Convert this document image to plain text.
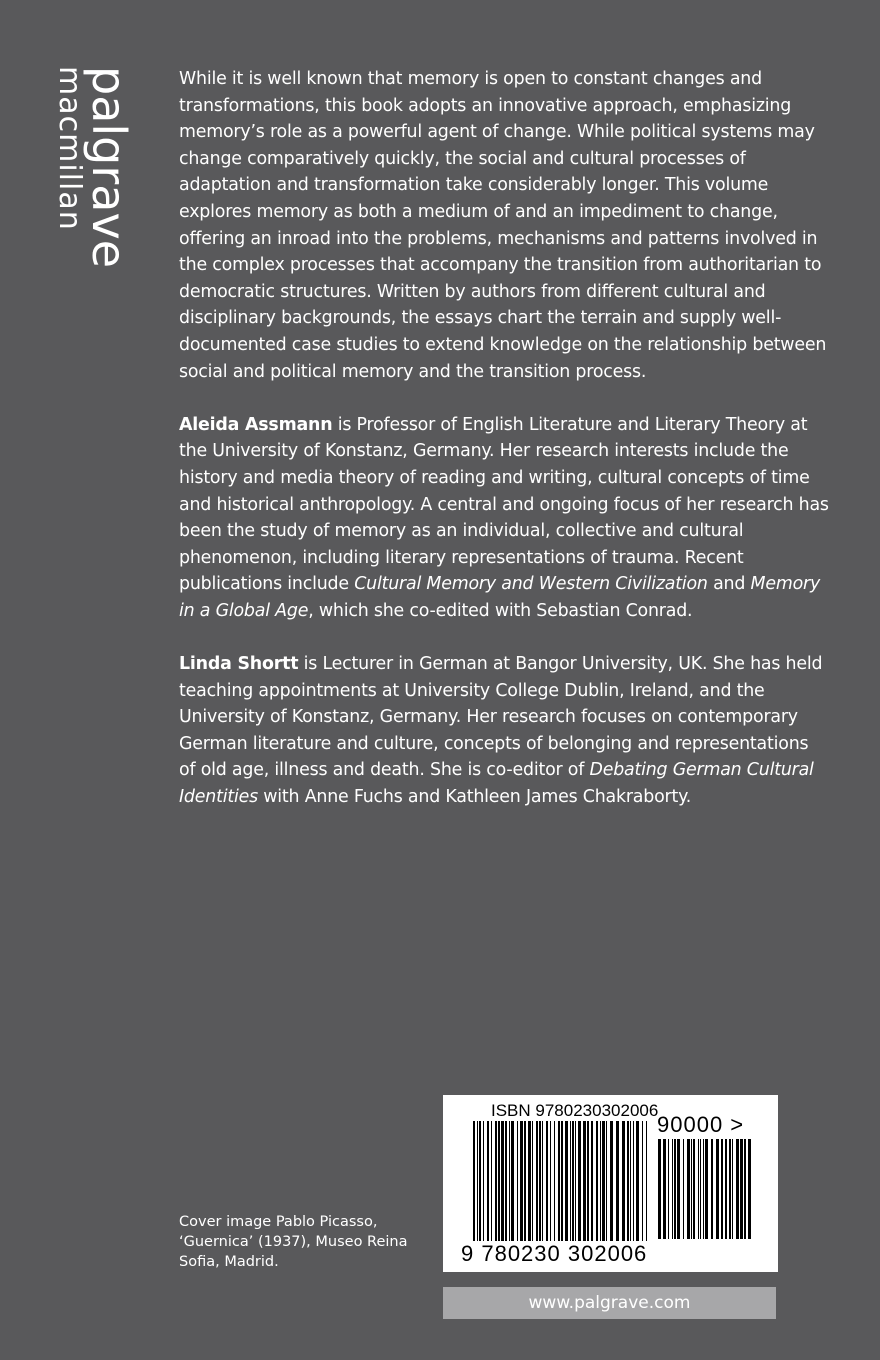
palgrave
macmillan	While it is well known that memory is open to constant changes and transformations, this book adopts an innovative approach, emphasizing memory’s role as a powerful agent of change. While political systems may change comparatively quickly, the social and cultural processes of adaptation and transformation take considerably longer. This volume explores memory as both a medium of and an impediment to change, offering an inroad into the problems, mechanisms and patterns involved in the complex processes that accompany the transition from authoritarian to democratic structures. Written by authors from different cultural and disciplinary backgrounds, the essays chart the terrain and supply well-documented case studies to extend knowledge on the relationship between social and political memory and the transition process.

Aleida Assmann is Professor of English Literature and Literary Theory at the University of Konstanz, Germany. Her research interests include the history and media theory of reading and writing, cultural concepts of time and historical anthropology. A central and ongoing focus of her research has been the study of memory as an individual, collective and cultural phenomenon, including literary representations of trauma. Recent publications include Cultural Memory and Western Civilization and Memory in a Global Age, which she co-edited with Sebastian Conrad.

Linda Shortt is Lecturer in German at Bangor University, UK. She has held teaching appointments at University College Dublin, Ireland, and the University of Konstanz, Germany. Her research focuses on contemporary German literature and culture, concepts of belonging and representations of old age, illness and death. She is co-editor of Debating German Cultural Identities with Anne Fuchs and Kathleen James Chakraborty.

Cover image Pablo Picasso, ‘Guernica’ (1937), Museo Reina Sofia, Madrid.
ISBN 9780230302006
90000 >
9 780230 302006
www.palgrave.com
